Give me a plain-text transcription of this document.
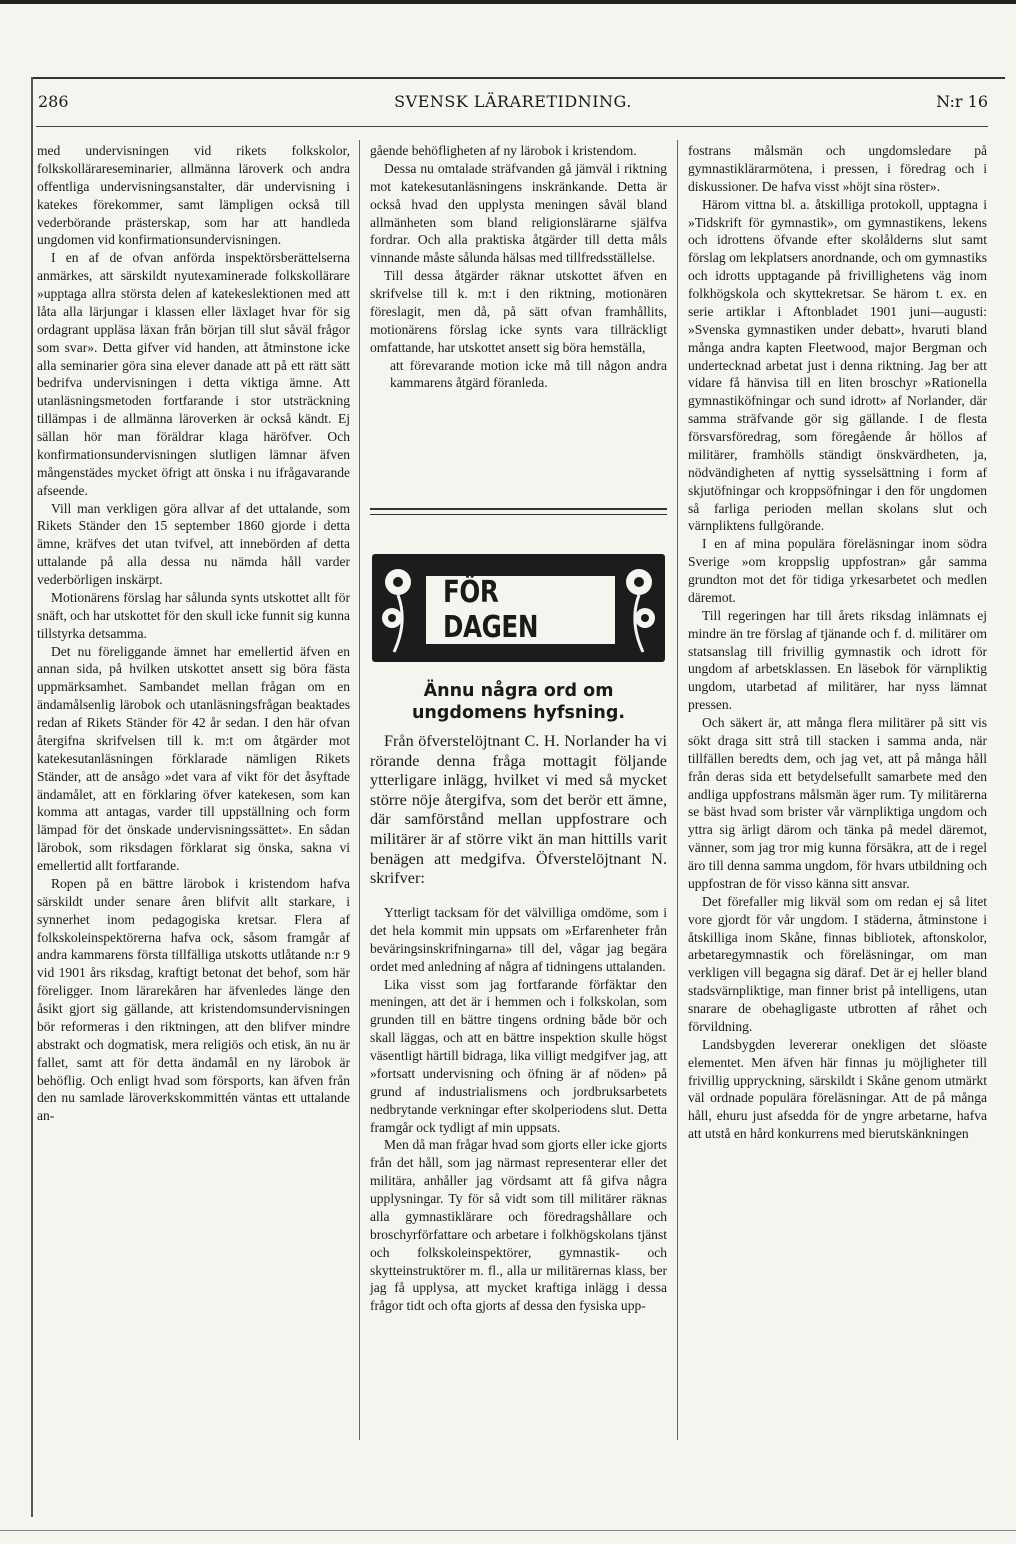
SVENSK LÄRARETIDNING.
286	N:r 16

med undervisningen vid rikets folkskolor, folkskollärareseminarier, allmänna läroverk och andra offentliga undervisningsanstalter, där undervisning i katekes förekommer, samt lämpligen också till vederbörande prästerskap, som har att handleda ungdomen vid konfirmationsundervisningen.

I en af de ofvan anförda inspektörsberättelserna anmärkes, att särskildt nyutexaminerade folkskollärare »upptaga allra största delen af katekeslektionen med att låta alla lärjungar i klassen eller läxlaget hvar för sig ordagrant uppläsa läxan från början till slut såväl frågor som svar». Detta gifver vid handen, att åtminstone icke alla seminarier göra sina elever danade att på ett rätt sätt bedrifva undervisningen i detta viktiga ämne. Att utanläsningsmetoden fortfarande i stor utsträckning tillämpas i de allmänna läroverken är också kändt. Ej sällan hör man föräldrar klaga häröfver. Och konfirmationsundervisningen slutligen lämnar äfven mångenstädes mycket öfrigt att önska i nu ifrågavarande afseende.

Vill man verkligen göra allvar af det uttalande, som Rikets Ständer den 15 september 1860 gjorde i detta ämne, kräfves det utan tvifvel, att innebörden af detta uttalande på alla dessa nu nämda håll varder vederbörligen inskärpt.

Motionärens förslag har sålunda synts utskottet allt för snäft, och har utskottet för den skull icke funnit sig kunna tillstyrka detsamma.

Det nu föreliggande ämnet har emellertid äfven en annan sida, på hvilken utskottet ansett sig böra fästa uppmärksamhet. Sambandet mellan frågan om en ändamålsenlig lärobok och utanläsningsfrågan beaktades redan af Rikets Ständer för 42 år sedan. I den här ofvan återgifna skrifvelsen till k. m:t om åtgärder mot katekesutanläsningen förklarade nämligen Rikets Ständer, att de ansågo »det vara af vikt för det åsyftade ändamålet, att en förklaring öfver katekesen, som kan komma att antagas, varder till uppställning och form lämpad för det önskade undervisningssättet». En sådan lärobok, som riksdagen förklarat sig önska, sakna vi emellertid allt fortfarande.

Ropen på en bättre lärobok i kristendom hafva särskildt under senare åren blifvit allt starkare, i synnerhet inom pedagogiska kretsar. Flera af folkskoleinspektörerna hafva ock, såsom framgår af andra kammarens första tillfälliga utskotts utlåtande n:r 9 vid 1901 års riksdag, kraftigt betonat det behof, som här föreligger. Inom lärarekåren har äfvenledes länge den åsikt gjort sig gällande, att kristendomsundervisningen bör reformeras i den riktningen, att den blifver mindre abstrakt och dogmatisk, mera religiös och etisk, än nu är fallet, samt att för detta ändamål en ny lärobok är behöflig. Och enligt hvad som försports, kan äfven från den nu samlade läroverkskommittén väntas ett uttalande an-

gående behöfligheten af ny lärobok i kristendom.

Dessa nu omtalade sträfvanden gå jämväl i riktning mot katekesutanläsningens inskränkande. Detta är också hvad den upplysta meningen såväl bland allmänheten som bland religionslärarne själfva fordrar. Och alla praktiska åtgärder till detta måls vinnande måste sålunda hälsas med tillfredsställelse.

Till dessa åtgärder räknar utskottet äfven en skrifvelse till k. m:t i den riktning, motionären föreslagit, men då, på sätt ofvan framhållits, motionärens förslag icke synts vara tillräckligt omfattande, har utskottet ansett sig böra hemställa,

att förevarande motion icke må till någon andra kammarens åtgärd föranleda.

FÖR DAGEN
Ännu några ord om ungdomens hyfsning.

Från öfverstelöjtnant C. H. Norlander ha vi rörande denna fråga mottagit följande ytterligare inlägg, hvilket vi med så mycket större nöje återgifva, som det berör ett ämne, där samförstånd mellan uppfostrare och militärer är af större vikt än man hittills varit benägen att medgifva. Öfverstelöjtnant N. skrifver:

Ytterligt tacksam för det välvilliga omdöme, som i det hela kommit min uppsats om »Erfarenheter från beväringsinskrifningarna» till del, vågar jag begära ordet med anledning af några af tidningens uttalanden.

Lika visst som jag fortfarande förfäktar den meningen, att det är i hemmen och i folkskolan, som grunden till en bättre tingens ordning både bör och skall läggas, och att en bättre inspektion skulle högst väsentligt härtill bidraga, lika villigt medgifver jag, att »fortsatt undervisning och öfning är af nöden» på grund af industrialismens och jordbruksarbetets nedbrytande verkningar efter skolperiodens slut. Detta framgår ock tydligt af min uppsats.

Men då man frågar hvad som gjorts eller icke gjorts från det håll, som jag närmast representerar eller det militära, anhåller jag vördsamt att få gifva några upplysningar. Ty för så vidt som till militärer räknas alla gymnastiklärare och föredragshållare och broschyrförfattare och arbetare i folkhögskolans tjänst och folkskoleinspektörer, gymnastik- och skytteinstruktörer m. fl., alla ur militärernas klass, ber jag få upplysa, att mycket kraftiga inlägg i dessa frågor tidt och ofta gjorts af dessa den fysiska upp-

fostrans målsmän och ungdomsledare på gymnastiklärarmötena, i pressen, i föredrag och i diskussioner. De hafva visst »höjt sina röster».

Härom vittna bl. a. åtskilliga protokoll, upptagna i »Tidskrift för gymnastik», om gymnastikens, lekens och idrottens öfvande efter skolålderns slut samt förslag om lekplatsers anordnande, och om gymnastiks och idrotts upptagande på frivillighetens väg inom folkhögskola och skyttekretsar. Se härom t. ex. en serie artiklar i Aftonbladet 1901 juni—augusti: »Svenska gymnastiken under debatt», hvaruti bland många andra kapten Fleetwood, major Bergman och undertecknad arbetat just i denna riktning. Jag ber att vidare få hänvisa till en liten broschyr »Rationella gymnastiköfningar och sund idrott» af Norlander, där samma sträfvande gör sig gällande. I de flesta försvarsföredrag, som föregående år höllos af militärer, framhölls ständigt önskvärdheten, ja, nödvändigheten af nyttig sysselsättning i form af skjutöfningar och kroppsöfningar i den för ungdomen så farliga perioden mellan skolans slut och värnpliktens fullgörande.

I en af mina populära föreläsningar inom södra Sverige »om kroppslig uppfostran» går samma grundton mot det för tidiga yrkesarbetet och medlen däremot.

Till regeringen har till årets riksdag inlämnats ej mindre än tre förslag af tjänande och f. d. militärer om statsanslag till frivillig gymnastik och idrott för ungdom af arbetsklassen. En läsebok för värnpliktig ungdom, utarbetad af militärer, har nyss lämnat pressen.

Och säkert är, att många flera militärer på sitt vis sökt draga sitt strå till stacken i samma anda, när tillfällen beredts dem, och jag vet, att på många håll från deras sida ett betydelsefullt samarbete med den andliga uppfostrans målsmän äger rum. Ty militärerna se bäst hvad som brister vår värnpliktiga ungdom och yttra sig ärligt därom och tänka på medel däremot, vänner, som jag tror mig kunna försäkra, att de i regel äro till denna samma ungdom, för hvars utbildning och uppfostran de för visso känna sitt ansvar.

Det förefaller mig likväl som om redan ej så litet vore gjordt för vår ungdom. I städerna, åtminstone i åtskilliga inom Skåne, finnas bibliotek, aftonskolor, arbetaregymnastik och föreläsningar, om man verkligen vill begagna sig däraf. Det är ej heller bland stadsvärnpliktige, man finner brist på intelligens, utan snarare de obehagligaste utbrotten af råhet och förvildning.

Landsbygden levererar onekligen det slöaste elementet. Men äfven här finnas ju möjligheter till frivillig uppryckning, särskildt i Skåne genom utmärkt väl ordnade populära föreläsningar. Att de på många håll, ehuru just afsedda för de yngre arbetarne, hafva att utstå en hård konkurrens med bierutskänkningen
